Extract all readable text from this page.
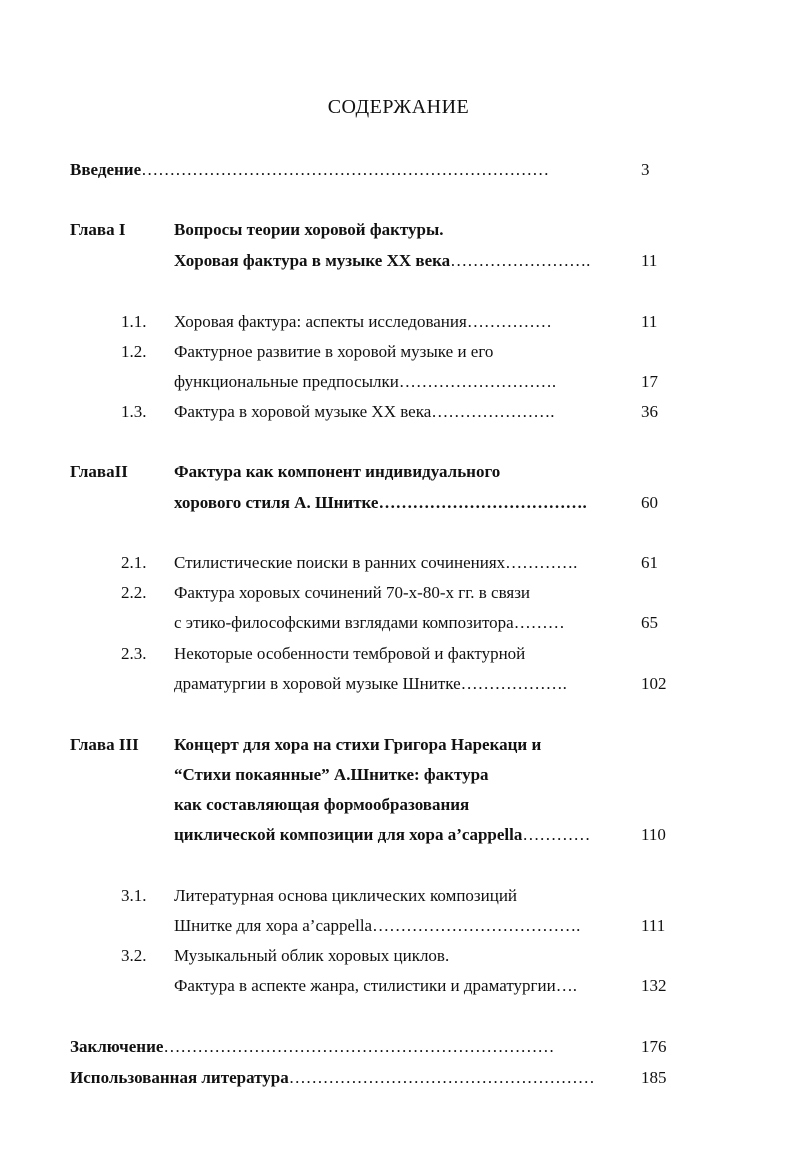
СОДЕРЖАНИЕ
Введение………………………………………………………………	3
Глава I	Вопросы теории хоровой фактуры.
Хоровая фактура в музыке XX века…………………….	11
1.1. Хоровая фактура: аспекты исследования……………	11
1.2. Фактурное развитие в хоровой музыке и его
функциональные предпосылки……………………….	17
1.3. Фактура в хоровой музыке XX века………………….	36
ГлаваII	Фактура как компонент индивидуального
хорового стиля А. Шнитке……………………………….	60
2.1. Стилистические поиски в ранних сочинениях………….	61
2.2. Фактура хоровых сочинений 70-х-80-х гг. в связи
с этико-философскими взглядами композитора………	65
2.3. Некоторые особенности тембровой и фактурной
драматургии в хоровой музыке Шнитке……………….	102
Глава III Концерт для хора на стихи Григора Нарекаци и
“Стихи покаянные” А.Шнитке: фактура
как составляющая формообразования
циклической композиции для хора a’cappella…………	110
3.1. Литературная основа циклических композиций
Шнитке для хора a’cappella……………………………….	111
3.2. Музыкальный облик хоровых циклов.
Фактура в аспекте жанра, стилистики и драматургии….	132
Заключение……………………………………………………………	176
Использованная литература………………………………………………	185
